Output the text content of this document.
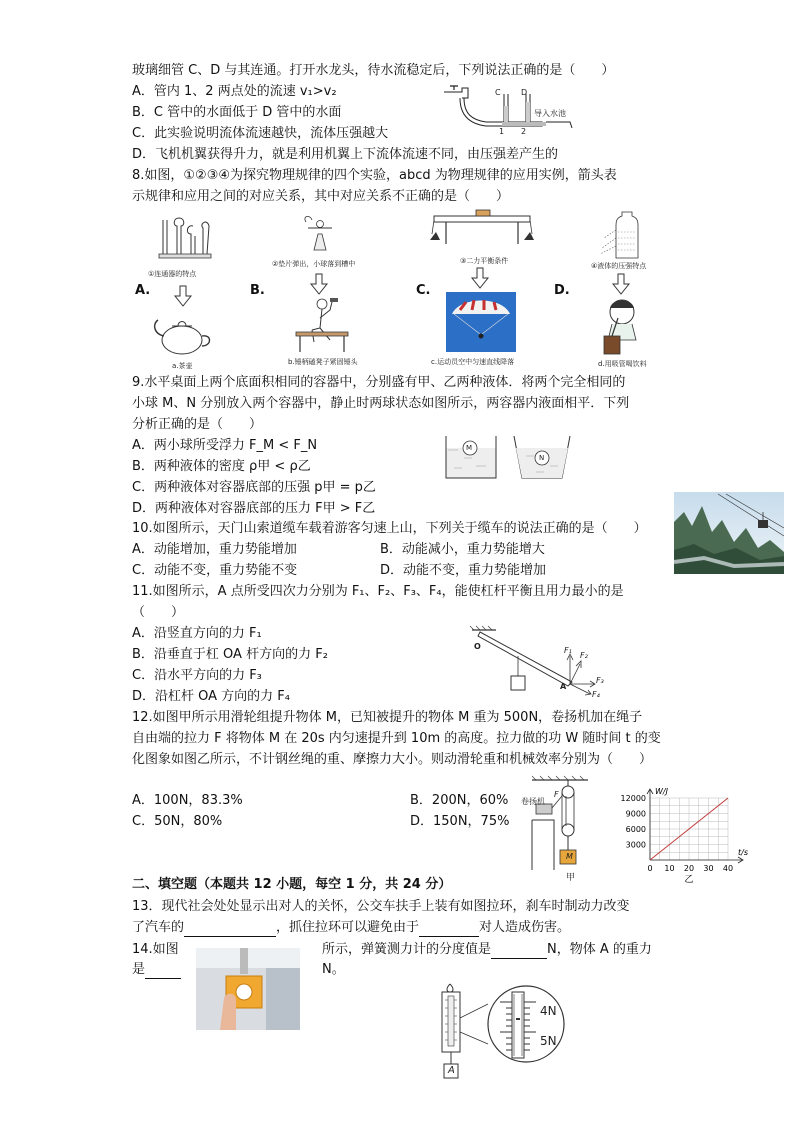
玻璃细管 C、D 与其连通。打开水龙头，待水流稳定后，下列说法正确的是（　　）
A．管内 1、2 两点处的流速 v₁>v₂
B．C 管中的水面低于 D 管中的水面
C．此实验说明流体流速越快，流体压强越大
D．飞机机翼获得升力，就是利用机翼上下流体流速不同，由压强差产生的
C	D
1 2
导入水池
8.如图，①②③④为探究物理规律的四个实验，abcd 为物理规律的应用实例，箭头表
示规律和应用之间的对应关系，其中对应关系不正确的是（　　）
①连通器的特点
②垫片弹出，小球落到槽中	③二力平衡条件
④液体的压强特点
A.	B.	C.	D.
a.茶壶	b.锤柄磕凳子紧固锤头	c.运动员空中匀速直线降落	d.用吸管喝饮料
9.水平桌面上两个底面积相同的容器中，分别盛有甲、乙两种液体．将两个完全相同的
小球 M、N 分别放入两个容器中，静止时两球状态如图所示，两容器内液面相平．下列
分析正确的是（　　）
A．两小球所受浮力 F_M < F_N
B．两种液体的密度 ρ甲 < ρ乙
C．两种液体对容器底部的压强 p甲 = p乙
D．两种液体对容器底部的压力 F甲 > F乙
M
N
10.如图所示，天门山索道缆车载着游客匀速上山，下列关于缆车的说法正确的是（　　）
A．动能增加，重力势能增加	B．动能减小，重力势能增大
C．动能不变，重力势能不变	D．动能不变，重力势能增加
11.如图所示，A 点所受四次力分别为 F₁、F₂、F₃、F₄，能使杠杆平衡且用力最小的是
（　　）
A．沿竖直方向的力 F₁
B．沿垂直于杠 OA 杆方向的力 F₂
C．沿水平方向的力 F₃
D．沿杠杆 OA 方向的力 F₄
O
A
F₁
F₂
F₃
F₄
12.如图甲所示用滑轮组提升物体 M，已知被提升的物体 M 重为 500N，卷扬机加在绳子
自由端的拉力 F 将物体 M 在 20s 内匀速提升到 10m 的高度。拉力做的功 W 随时间 t 的变
化图象如图乙所示，不计钢丝绳的重、摩擦力大小。则动滑轮重和机械效率分别为（　　）
A．100N，83.3%	B．200N，60%
C．50N，80%	D．150N，75%
卷扬机
F
M
甲
0 10 20 30 40
3000
6000
9000
12000
W/J
t/s
乙
二、填空题（本题共 12 小题，每空 1 分，共 24 分）
13．现代社会处处显示出对人的关怀，公交车扶手上装有如图拉环，刹车时制动力改变
了汽车的	，抓住拉环可以避免由于	对人造成伤害。
14.如图	所示，弹簧测力计的分度值是	N，物体 A 的重力
是	N。
4N
5N
A
